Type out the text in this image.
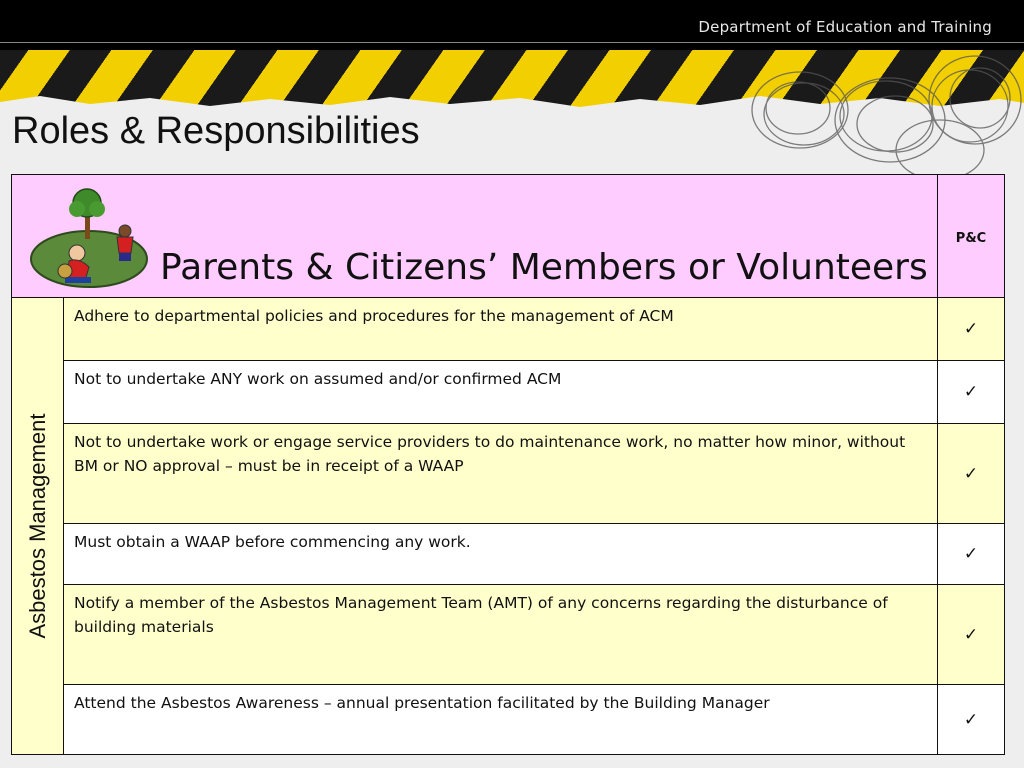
Department of Education and Training
Roles & Responsibilities
Parents & Citizens’ Members or Volunteers		P&C

Asbestos Management	Adhere to departmental policies and procedures for the management of ACM	✓
	Not to undertake ANY work on assumed and/or confirmed ACM	✓
	Not to undertake work or engage service providers to do maintenance work, no matter how minor, without BM or NO approval – must be in receipt of a WAAP	✓
	Must obtain a WAAP before commencing any work.	✓
	Notify a member of the Asbestos Management Team (AMT) of any concerns regarding the disturbance of building materials	✓
	Attend the Asbestos Awareness – annual presentation facilitated by the Building Manager	✓
